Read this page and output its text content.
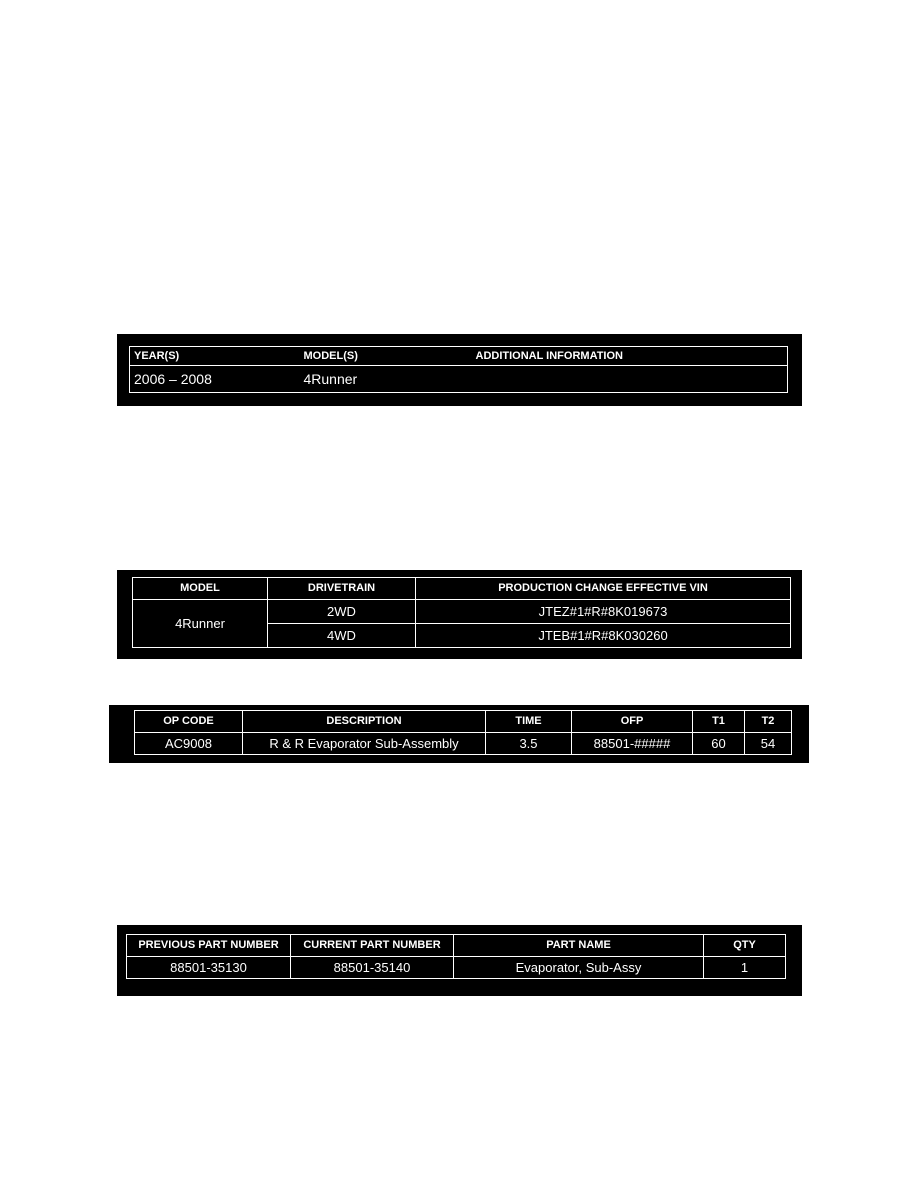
YEAR(S)	MODEL(S)	ADDITIONAL INFORMATION
2006 – 2008	4Runner	
MODEL	DRIVETRAIN	PRODUCTION CHANGE EFFECTIVE VIN
4Runner	2WD	JTEZ#1#R#8K019673
	4WD	JTEB#1#R#8K030260
OP CODE	DESCRIPTION	TIME	OFP	T1	T2
AC9008	R & R Evaporator Sub-Assembly	3.5	88501-#####	60	54
PREVIOUS PART NUMBER	CURRENT PART NUMBER	PART NAME	QTY
88501-35130	88501-35140	Evaporator, Sub-Assy	1
